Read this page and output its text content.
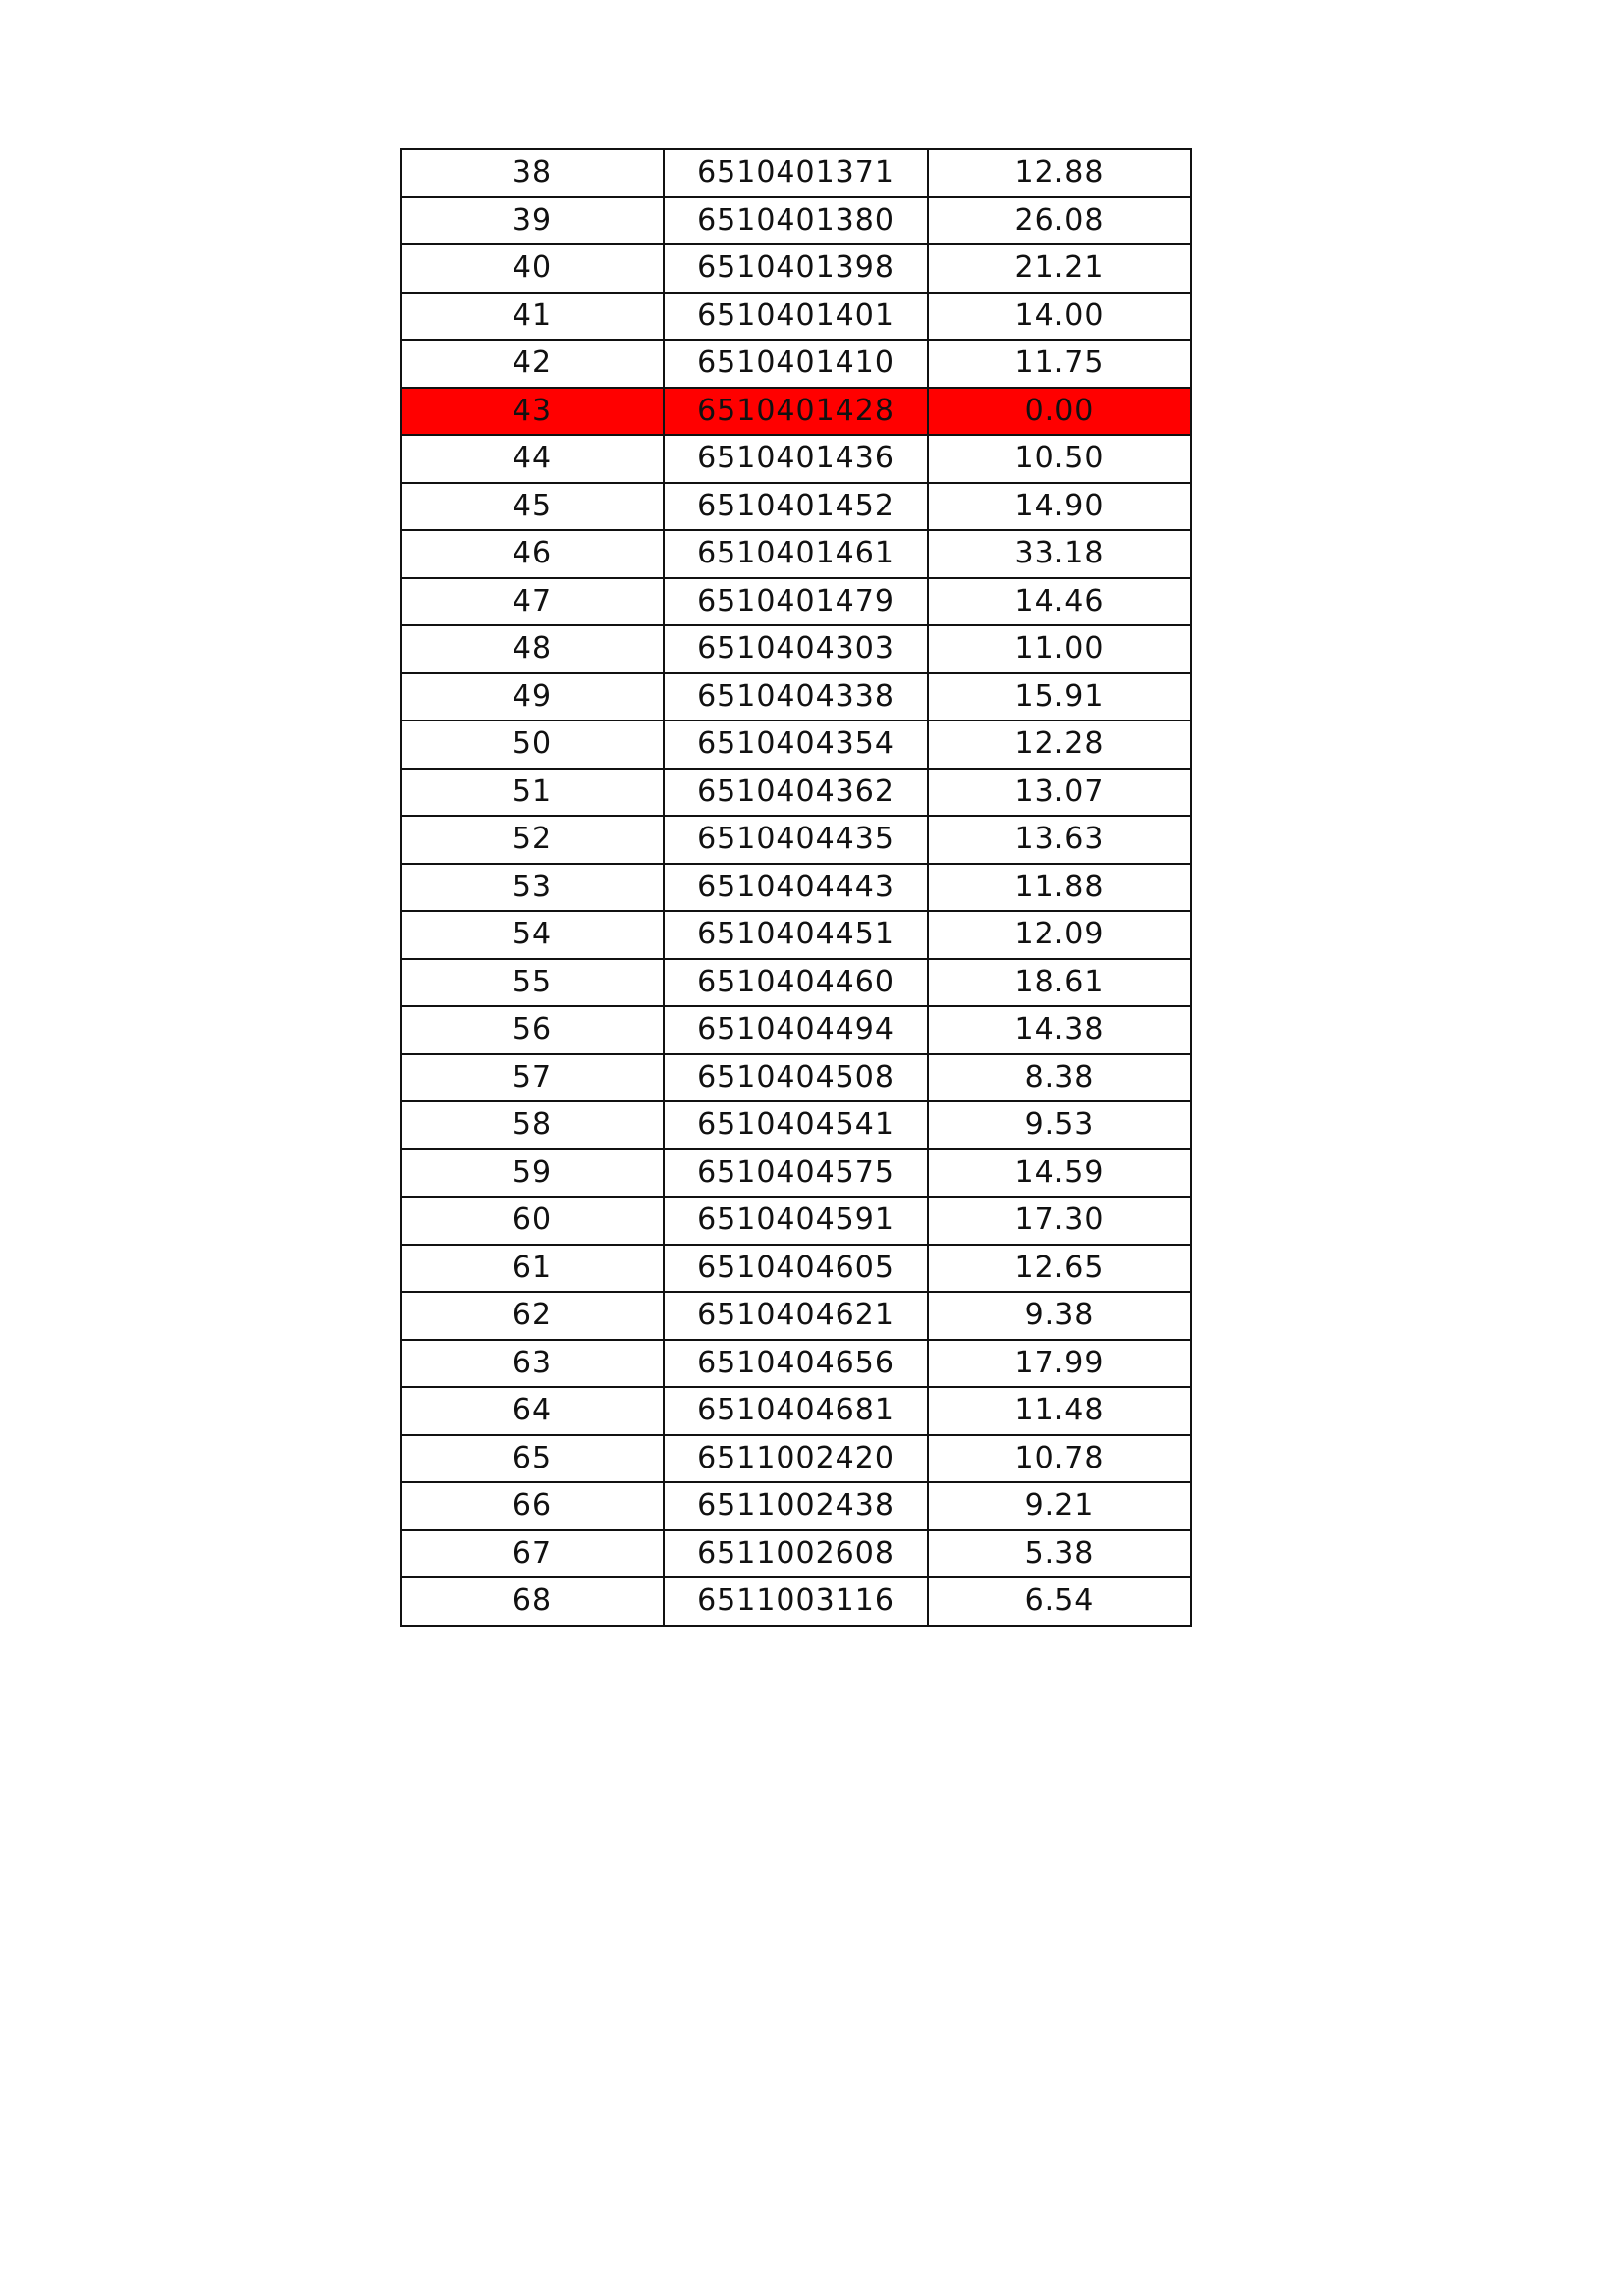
38	6510401371	12.88
39	6510401380	26.08
40	6510401398	21.21
41	6510401401	14.00
42	6510401410	11.75
43	6510401428	0.00
44	6510401436	10.50
45	6510401452	14.90
46	6510401461	33.18
47	6510401479	14.46
48	6510404303	11.00
49	6510404338	15.91
50	6510404354	12.28
51	6510404362	13.07
52	6510404435	13.63
53	6510404443	11.88
54	6510404451	12.09
55	6510404460	18.61
56	6510404494	14.38
57	6510404508	8.38
58	6510404541	9.53
59	6510404575	14.59
60	6510404591	17.30
61	6510404605	12.65
62	6510404621	9.38
63	6510404656	17.99
64	6510404681	11.48
65	6511002420	10.78
66	6511002438	9.21
67	6511002608	5.38
68	6511003116	6.54
